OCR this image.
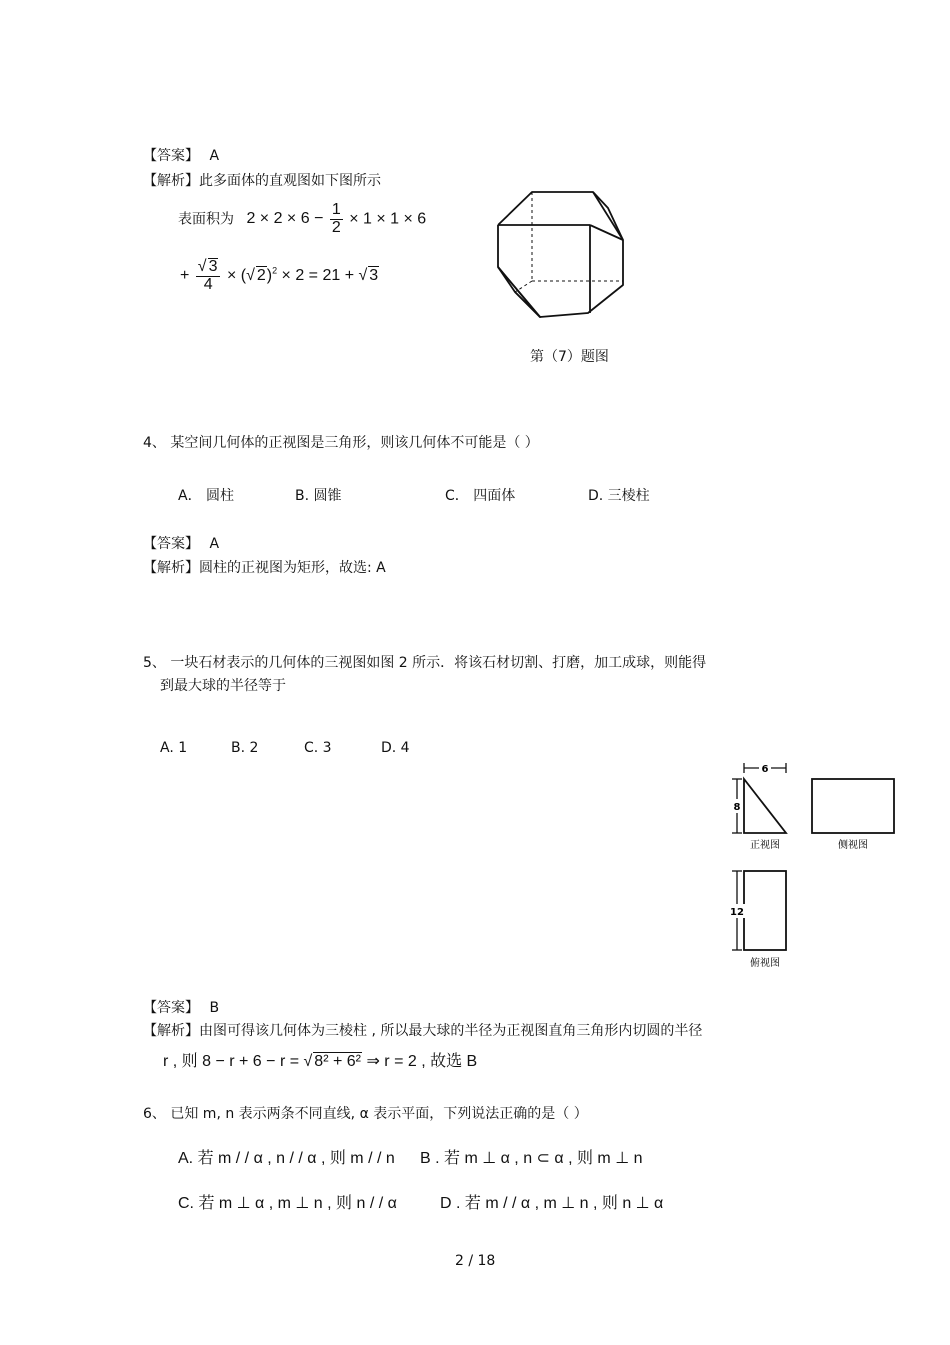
【答案】 A
【解析】此多面体的直观图如下图所示
表面积为 $2 \times 2 \times 6 - \frac{1}{2} \times 1 \times 1 \times 6$
+ $\frac{√ 3}{4}$ × (√ 2)$^2$ × 2 = 21 + √ 3
第（7）题图
4、 某空间几何体的正视图是三角形，则该几何体不可能是（ ）
A． 圆柱	B. 圆锥	C． 四面体	D. 三棱柱
【答案】 A
【解析】圆柱的正视图为矩形，故选: A
5、 一块石材表示的几何体的三视图如图 2 所示．将该石材切割、打磨，加工成球，则能得
到最大球的半径等于
A. 1	B. 2	C. 3	D. 4
6
8
12
正视图	侧视图
俯视图
【答案】 B
【解析】由图可得该几何体为三棱柱 , 所以最大球的半径为正视图直角三角形内切圆的半径
r , 则 8 − r + 6 − r = √ 8² + 6² ⇒ r = 2 , 故选 B
6、 已知 m, n 表示两条不同直线, α 表示平面，下列说法正确的是（ ）
A. 若 m / / α , n / / α , 则 m / / n B . 若 m ⊥ α , n ⊂ α , 则 m ⊥ n
C. 若 m ⊥ α , m ⊥ n , 则 n / / α	D . 若 m / / α , m ⊥ n , 则 n ⊥ α
2 / 18
